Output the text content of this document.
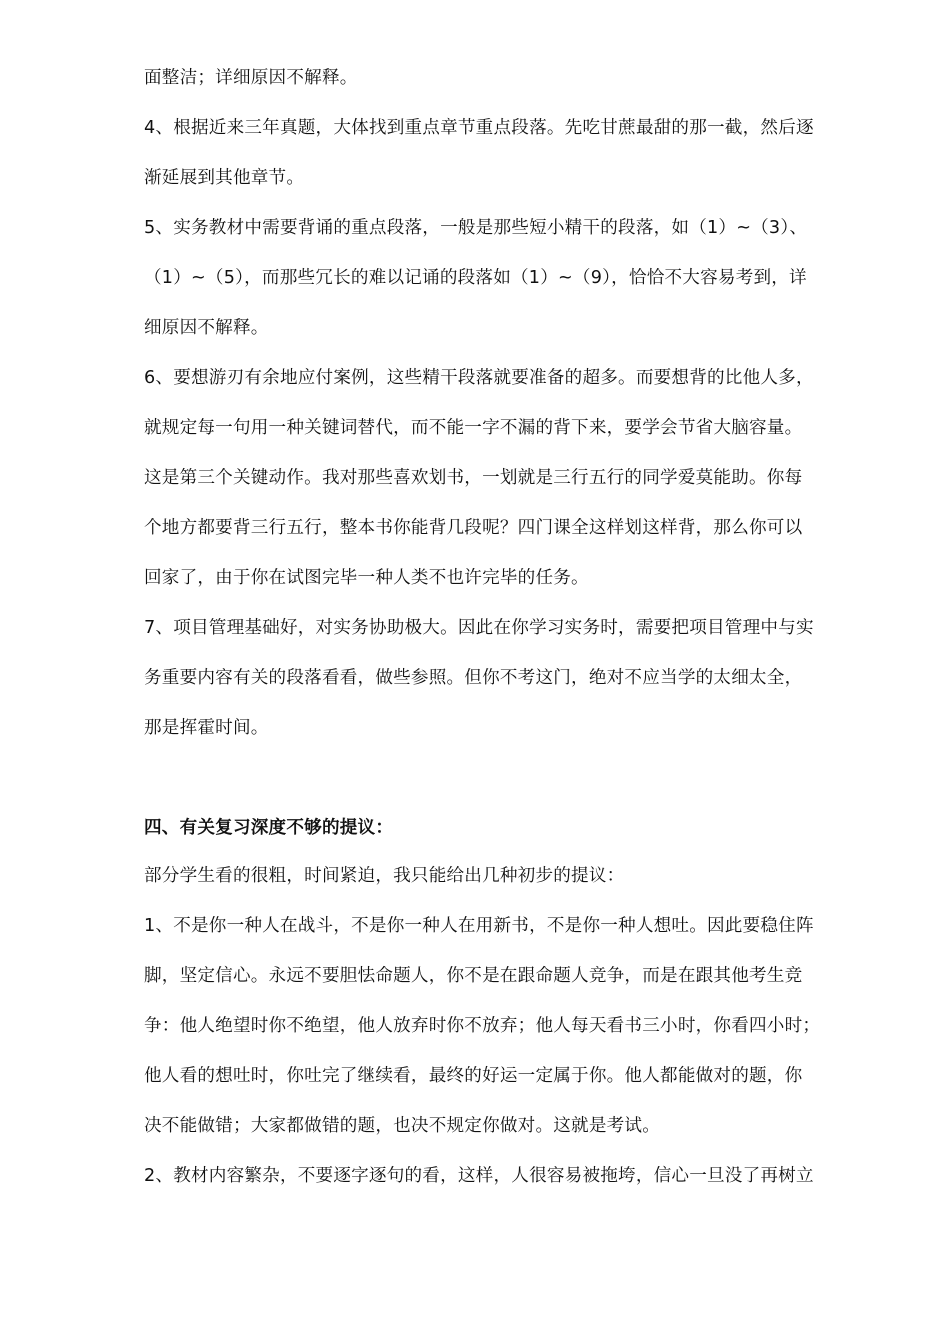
面整洁；详细原因不解释。
4、根据近来三年真题，大体找到重点章节重点段落。先吃甘蔗最甜的那一截，然后逐
渐延展到其他章节。
5、实务教材中需要背诵的重点段落，一般是那些短小精干的段落，如（1）~（3）、
（1）~（5），而那些冗长的难以记诵的段落如（1）~（9），恰恰不大容易考到，详
细原因不解释。
6、要想游刃有余地应付案例，这些精干段落就要准备的超多。而要想背的比他人多，
就规定每一句用一种关键词替代，而不能一字不漏的背下来，要学会节省大脑容量。
这是第三个关键动作。我对那些喜欢划书，一划就是三行五行的同学爱莫能助。你每
个地方都要背三行五行，整本书你能背几段呢？四门课全这样划这样背，那么你可以
回家了，由于你在试图完毕一种人类不也许完毕的任务。
7、项目管理基础好，对实务协助极大。因此在你学习实务时，需要把项目管理中与实
务重要内容有关的段落看看，做些参照。但你不考这门，绝对不应当学的太细太全，
那是挥霍时间。
四、有关复习深度不够的提议：
部分学生看的很粗，时间紧迫，我只能给出几种初步的提议：
1、不是你一种人在战斗，不是你一种人在用新书，不是你一种人想吐。因此要稳住阵
脚，坚定信心。永远不要胆怯命题人，你不是在跟命题人竞争，而是在跟其他考生竞
争：他人绝望时你不绝望，他人放弃时你不放弃；他人每天看书三小时，你看四小时；
他人看的想吐时，你吐完了继续看，最终的好运一定属于你。他人都能做对的题，你
决不能做错；大家都做错的题，也决不规定你做对。这就是考试。
2、教材内容繁杂，不要逐字逐句的看，这样，人很容易被拖垮，信心一旦没了再树立
